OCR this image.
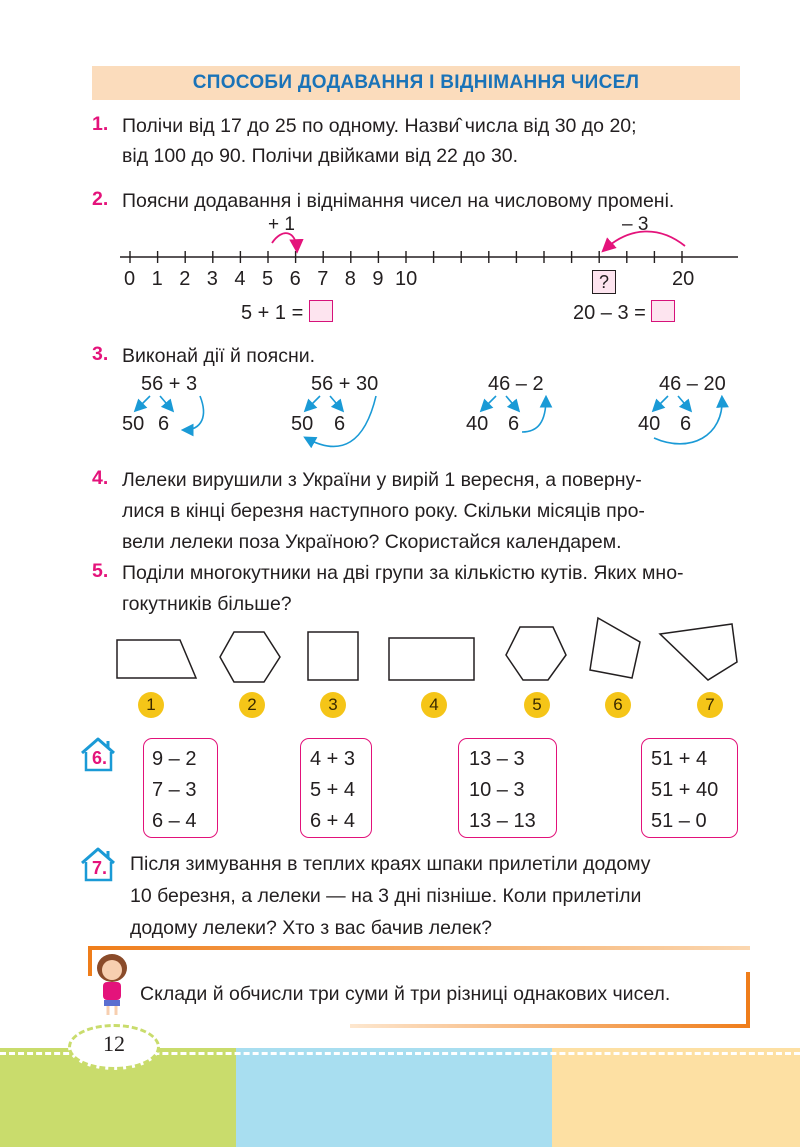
СПОСОБИ ДОДАВАННЯ І ВІДНІМАННЯ ЧИСЕЛ
1. Полічи від 17 до 25 по одному. Назви̂ числа від 30 до 20;
від 100 до 90. Полічи двійками від 22 до 30.
2. Поясни додавання і віднімання чисел на числовому промені.
+ 1	– 3
0 1 2 3 4 5 6 7 8 9 10	?	20
5 + 1 =	20 – 3 =
3. Виконай дії й поясни.
56 + 3
50 6
56 + 30
50 6
46 – 2
40 6
46 – 20
40 6
4. Лелеки вирушили з України у вирій 1 вересня, а поверну-
лися в кінці березня наступного року. Скільки місяців про-
вели лелеки поза Україною? Скористайся календарем.
5. Поділи многокутники на дві групи за кількістю кутів. Яких мно-
гокутників більше?
1	2	3	4	5	6	7
6. 9 – 2
7 – 3
6 – 4
4 + 3
5 + 4
6 + 4
13 – 3
10 – 3
13 – 13
51 + 4
51 + 40
51 – 0
7. Після зимування в теплих краях шпаки прилетіли додому
10 березня, а лелеки — на 3 дні пізніше. Коли прилетіли
додому лелеки? Хто з вас бачив лелек?
Склади й обчисли три суми й три різниці однакових чисел.
12
